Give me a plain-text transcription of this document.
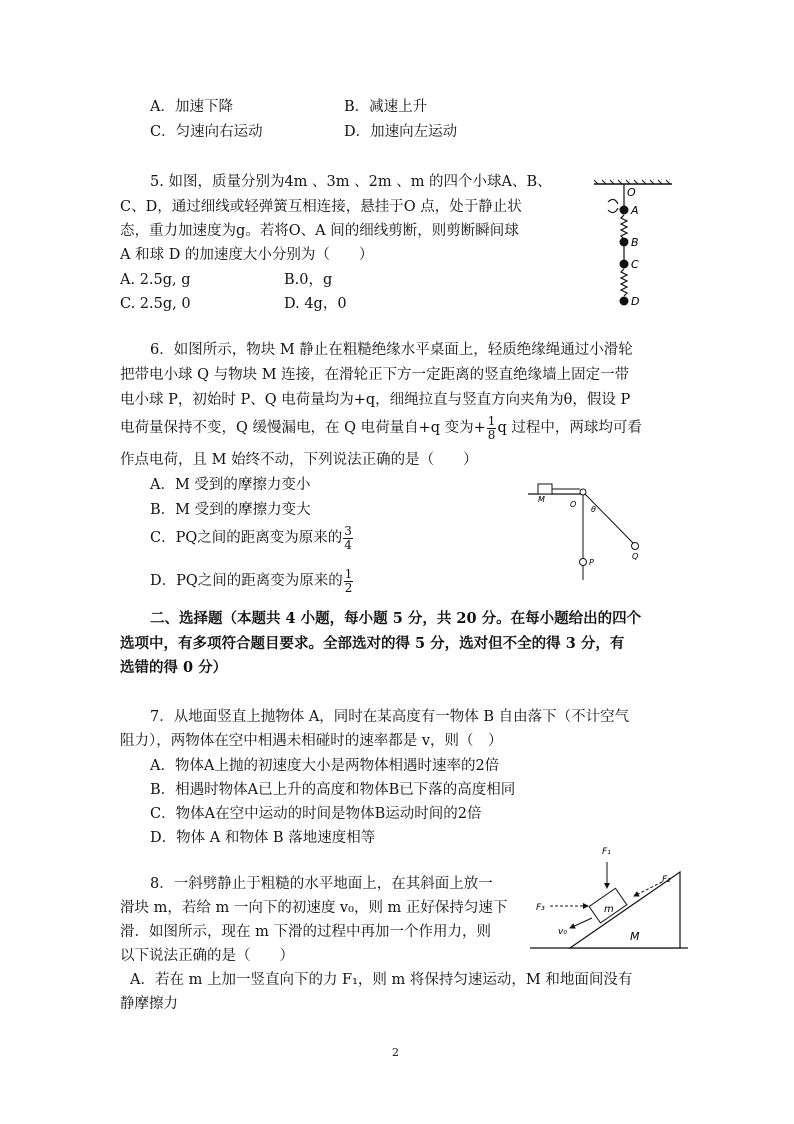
A．加速下降	B．减速上升
C．匀速向右运动	D．加速向左运动
5. 如图，质量分别为4m 、3m 、2m 、m 的四个小球A、B、
C、D，通过细线或轻弹簧互相连接，悬挂于O 点，处于静止状
态，重力加速度为g。若将O、A 间的细线剪断，则剪断瞬间球
A 和球 D 的加速度大小分别为（　　）
A. 2.5g, g	B.0，g
C. 2.5g, 0	D. 4g，0
O
A
B
C
D
6．如图所示，物块 M 静止在粗糙绝缘水平桌面上，轻质绝缘绳通过小滑轮
把带电小球 Q 与物块 M 连接，在滑轮正下方一定距离的竖直绝缘墙上固定一带
电小球 P，初始时 P、Q 电荷量均为+q，细绳拉直与竖直方向夹角为θ，假设 P
电荷量保持不变，Q 缓慢漏电，在 Q 电荷量自+q 变为+ $\frac{1}{8}$ q 过程中，两球均可看
作点电荷，且 M 始终不动，下列说法正确的是（　　）
A．M 受到的摩擦力变小
B．M 受到的摩擦力变大
C．PQ之间的距离变为原来的 $\frac{3}{4}$
D．PQ之间的距离变为原来的 $\frac{1}{2}$
M
O
θ
Q
P
二、选择题（本题共 4 小题，每小题 5 分，共 20 分。在每小题给出的四个
选项中，有多项符合题目要求。全部选对的得 5 分，选对但不全的得 3 分，有
选错的得 0 分）
7．从地面竖直上抛物体 A，同时在某高度有一物体 B 自由落下（不计空气
阻力），两物体在空中相遇未相碰时的速率都是 v，则（　）
A．物体A上抛的初速度大小是两物体相遇时速率的2倍
B．相遇时物体A已上升的高度和物体B已下落的高度相同
C．物体A在空中运动的时间是物体B运动时间的2倍
D．物体 A 和物体 B 落地速度相等
8．一斜劈静止于粗糙的水平地面上，在其斜面上放一
滑块 m，若给 m 一向下的初速度 v₀，则 m 正好保持匀速下
滑．如图所示，现在 m 下滑的过程中再加一个作用力，则
以下说法正确的是（　　）
A．若在 m 上加一竖直向下的力 F₁，则 m 将保持匀速运动，M 和地面间没有
静摩擦力
M
m
F₁
F₂
F₃
v₀
2
